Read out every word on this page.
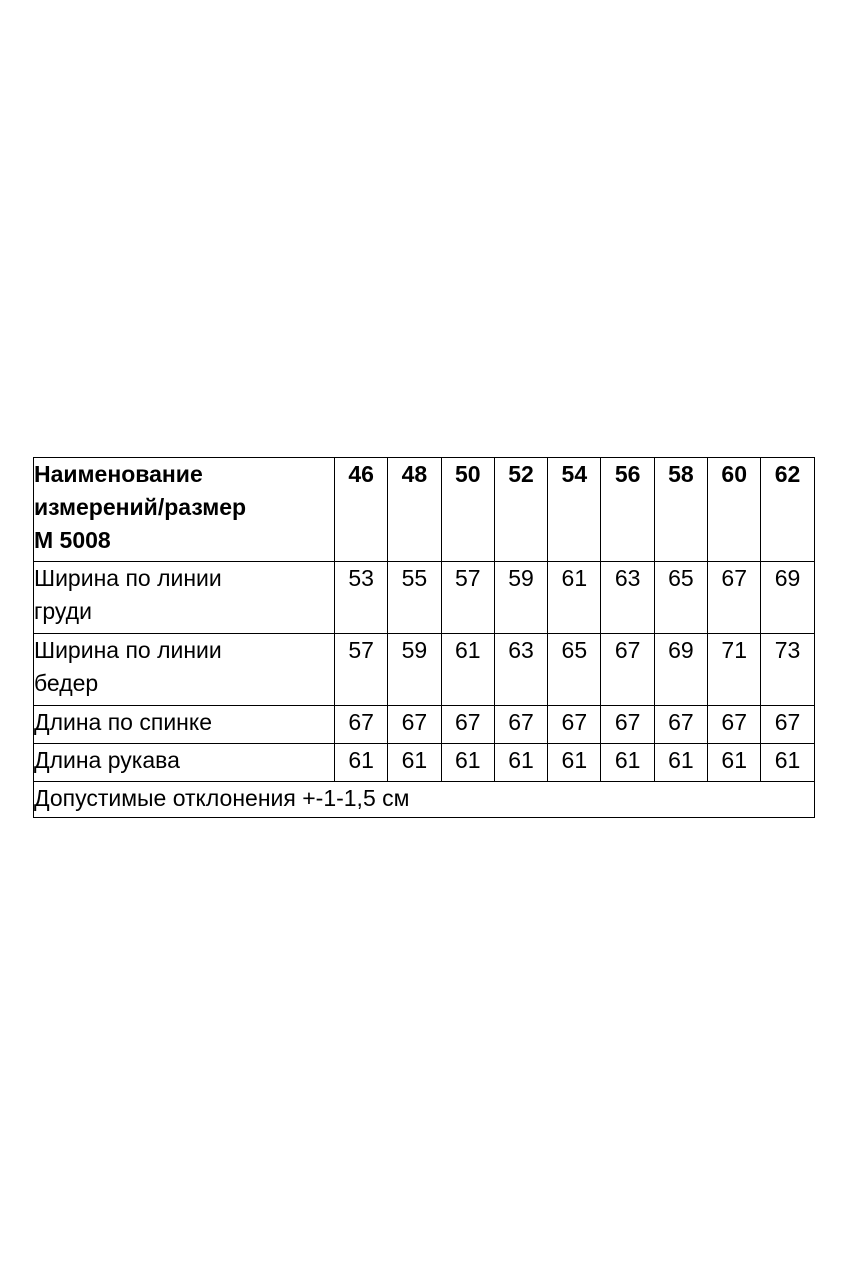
Наименование
измерений/размер
М 5008	46	48	50	52	54	56	58	60	62

Ширина по линии
груди	53	55	57	59	61	63	65	67	69

Ширина по линии
бедер	57	59	61	63	65	67	69	71	73

Длина по спинке	67	67	67	67	67	67	67	67	67

Длина рукава	61	61	61	61	61	61	61	61	61
Допустимые отклонения +-1-1,5 см									
